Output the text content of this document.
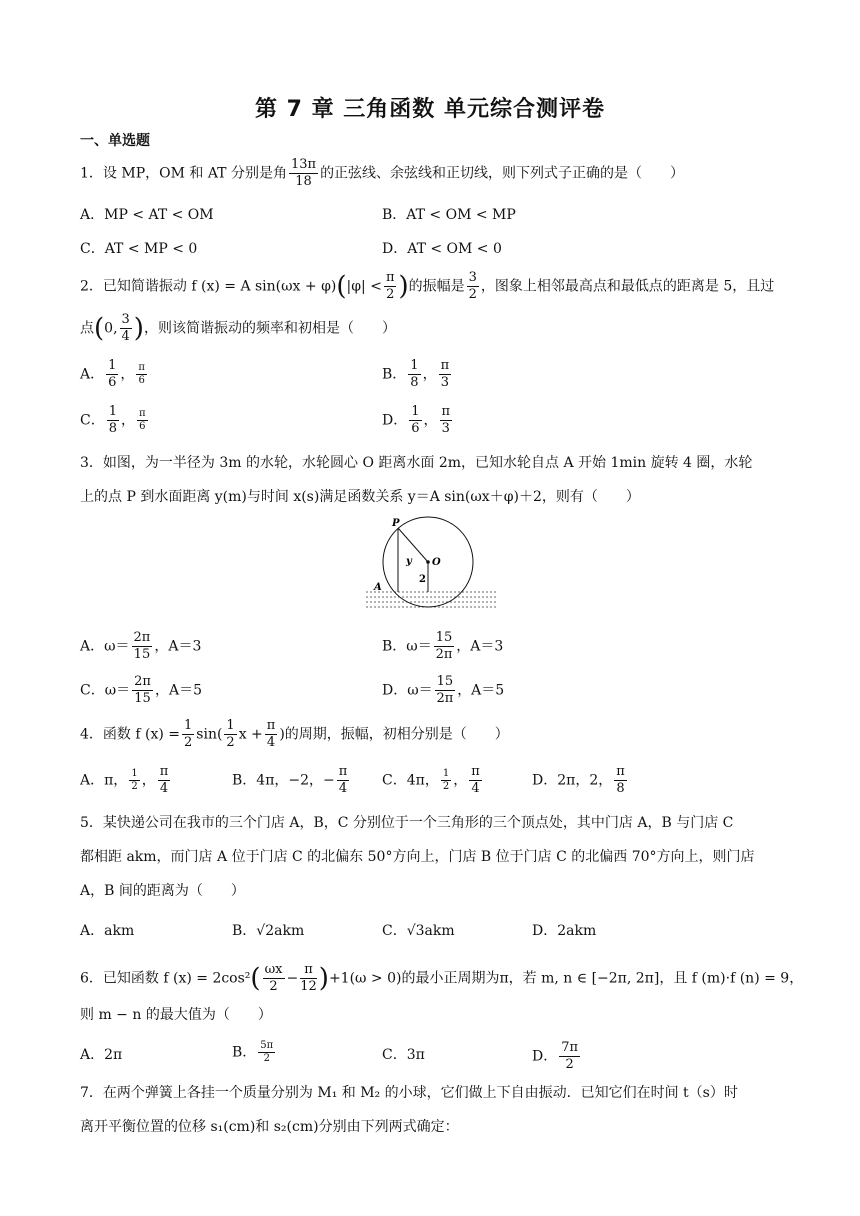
第 7 章 三角函数 单元综合测评卷
一、单选题
1．设 MP，OM 和 AT 分别是角 $\frac{13\pi}{18}$ 的正弦线、余弦线和正切线，则下列式子正确的是（　　）
A．MP < AT < OM	B．AT < OM < MP
C．AT < MP < 0	D．AT < OM < 0
2．已知简谐振动 f (x) = A $\sin(\omega x + \varphi)(|\varphi| < \frac{\pi}{2}$ )的振幅是 $\frac{3}{2}$ ，图象上相邻最高点和最低点的距离是 5，且过
点(0, $\frac{3}{4}$ )，则该简谐振动的频率和初相是（　　）
A． $\frac{1}{6}$ ， $\frac{\pi}{6}$	B． $\frac{1}{8}$ ， $\frac{\pi}{3}$
C． $\frac{1}{8}$ ， $\frac{\pi}{6}$	D． $\frac{1}{6}$ ， $\frac{\pi}{3}$
3．如图，为一半径为 3m 的水轮，水轮圆心 O 距离水面 2m，已知水轮自点 A 开始 1min 旋转 4 圈，水轮
上的点 P 到水面距离 y(m)与时间 x(s)满足函数关系 y＝A sin(ωx＋φ)＋2，则有（　　）
P
O
y
2
A
A．$\omega= \frac{2\pi}{15}$ ，A＝3	B．$\omega= \frac{15}{2\pi}$ ，A＝3
C．$\omega= \frac{2\pi}{15}$ ，A＝5	D．$\omega= \frac{15}{2\pi}$ ，A＝5
4．函数 f $(x) = \frac{1}{2} \sin( \frac{1}{2}$ $x + \frac{\pi}{4}$ )的周期，振幅，初相分别是（　　）
A．π， $\frac{1}{2}$ ， $\frac{\pi}{4}$	B．4π，−2，− $\frac{\pi}{4}$ C．4π， $\frac{1}{2}$ ， $\frac{\pi}{4}$	D．2π，2， $\frac{\pi}{8}$
5．某快递公司在我市的三个门店 A，B，C 分别位于一个三角形的三个顶点处，其中门店 A，B 与门店 C
都相距 akm，而门店 A 位于门店 C 的北偏东 50°方向上，门店 B 位于门店 C 的北偏西 70°方向上，则门店
A，B 间的距离为（　　）
A．akm	B．√2akm	C．√3akm	D．2akm
6．已知函数 f $(x) = 2\cos^2( \frac{\omega x}{2} - \frac{\pi}{12} )+1(\omega > 0)$的最小正周期为π，若 m, n ∈ [−2π, 2π]，且 f (m)·f (n) = 9，
则 m − n 的最大值为（　　）
A．2π	B． $\frac{5\pi}{2}$	C．3π	D． $\frac{7\pi}{2}$
7．在两个弹簧上各挂一个质量分别为 M₁ 和 M₂ 的小球，它们做上下自由振动．已知它们在时间 t（s）时
离开平衡位置的位移 s₁(cm)和 s₂(cm)分别由下列两式确定：
